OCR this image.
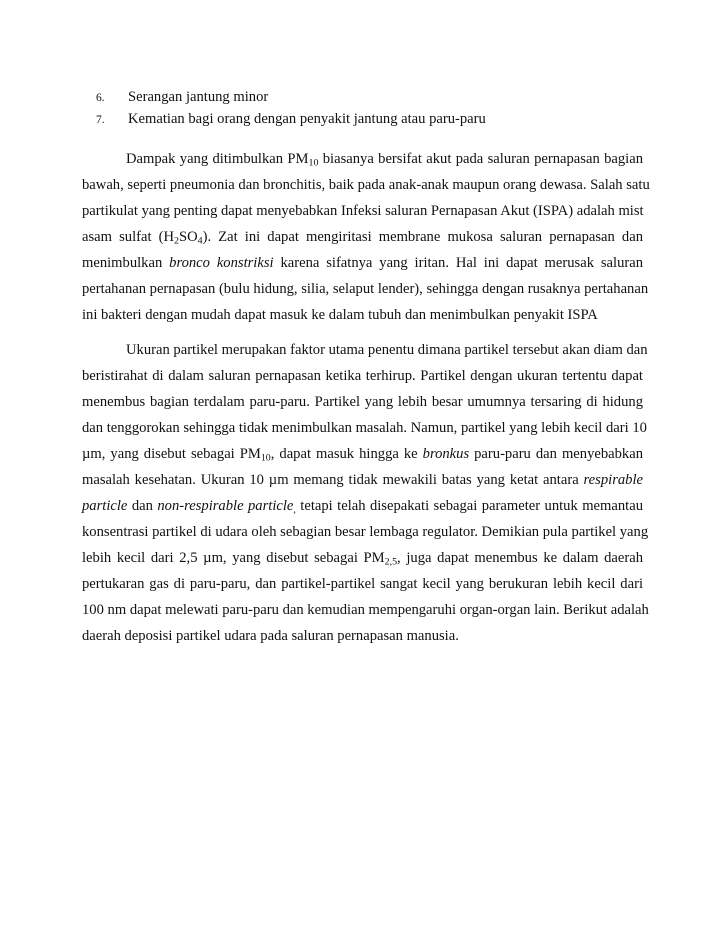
6. Serangan jantung minor
7. Kematian bagi orang dengan penyakit jantung atau paru-paru
Dampak yang ditimbulkan $PM_{10}$ biasanya bersifat akut pada saluran pernapasan bagian
bawah, seperti pneumonia dan bronchitis, baik pada anak-anak maupun orang dewasa. Salah satu
partikulat yang penting dapat menyebabkan Infeksi saluran Pernapasan Akut (ISPA) adalah mist
asam sulfat $(H_2SO_4)$. Zat ini dapat mengiritasi membrane mukosa saluran pernapasan dan
menimbulkan bronco konstriksi karena sifatnya yang iritan. Hal ini dapat merusak saluran
pertahanan pernapasan (bulu hidung, silia, selaput lender), sehingga dengan rusaknya pertahanan
ini bakteri dengan mudah dapat masuk ke dalam tubuh dan menimbulkan penyakit ISPA
Ukuran partikel merupakan faktor utama penentu dimana partikel tersebut akan diam dan
beristirahat di dalam saluran pernapasan ketika terhirup. Partikel dengan ukuran tertentu dapat
menembus bagian terdalam paru-paru. Partikel yang lebih besar umumnya tersaring di hidung
dan tenggorokan sehingga tidak menimbulkan masalah. Namun, partikel yang lebih kecil dari 10
µm, yang disebut sebagai $PM_{10}$, dapat masuk hingga ke bronkus paru-paru dan menyebabkan
masalah kesehatan. Ukuran 10 µm memang tidak mewakili batas yang ketat antara respirable
particle dan non-respirable particle$_,$ tetapi telah disepakati sebagai parameter untuk memantau
konsentrasi partikel di udara oleh sebagian besar lembaga regulator. Demikian pula partikel yang
lebih kecil dari 2,5 µm, yang disebut sebagai $PM_{2,5}$, juga dapat menembus ke dalam daerah
pertukaran gas di paru-paru, dan partikel-partikel sangat kecil yang berukuran lebih kecil dari
100 nm dapat melewati paru-paru dan kemudian mempengaruhi organ-organ lain. Berikut adalah
daerah deposisi partikel udara pada saluran pernapasan manusia.
